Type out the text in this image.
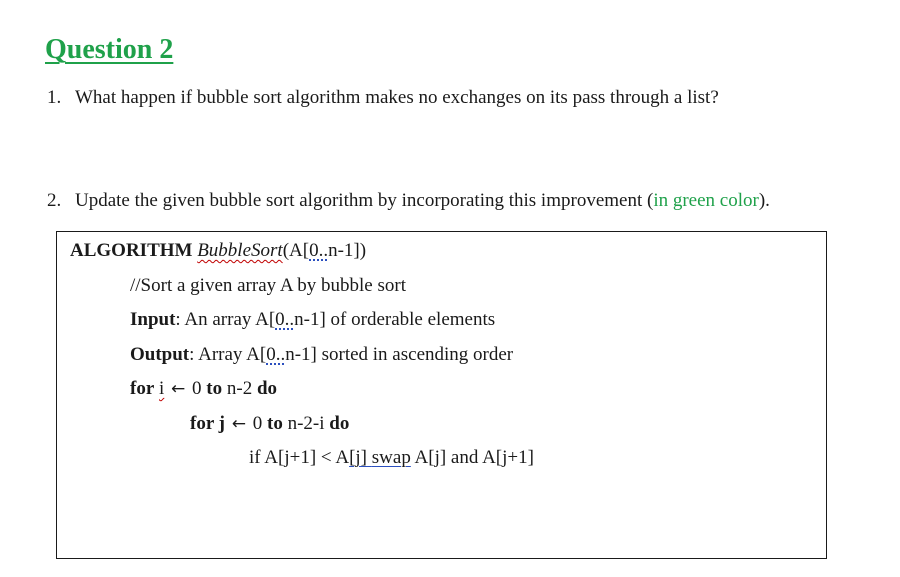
Question 2
1. What happen if bubble sort algorithm makes no exchanges on its pass through a list?
2. Update the given bubble sort algorithm by incorporating this improvement (in green color).
ALGORITHM BubbleSort(A[0..n-1])
//Sort a given array A by bubble sort
Input: An array A[0..n-1] of orderable elements
Output: Array A[0..n-1] sorted in ascending order
for i ← 0 to n-2 do
for j ← 0 to n-2-i do
if A[j+1] < A[j] swap A[j] and A[j+1]
